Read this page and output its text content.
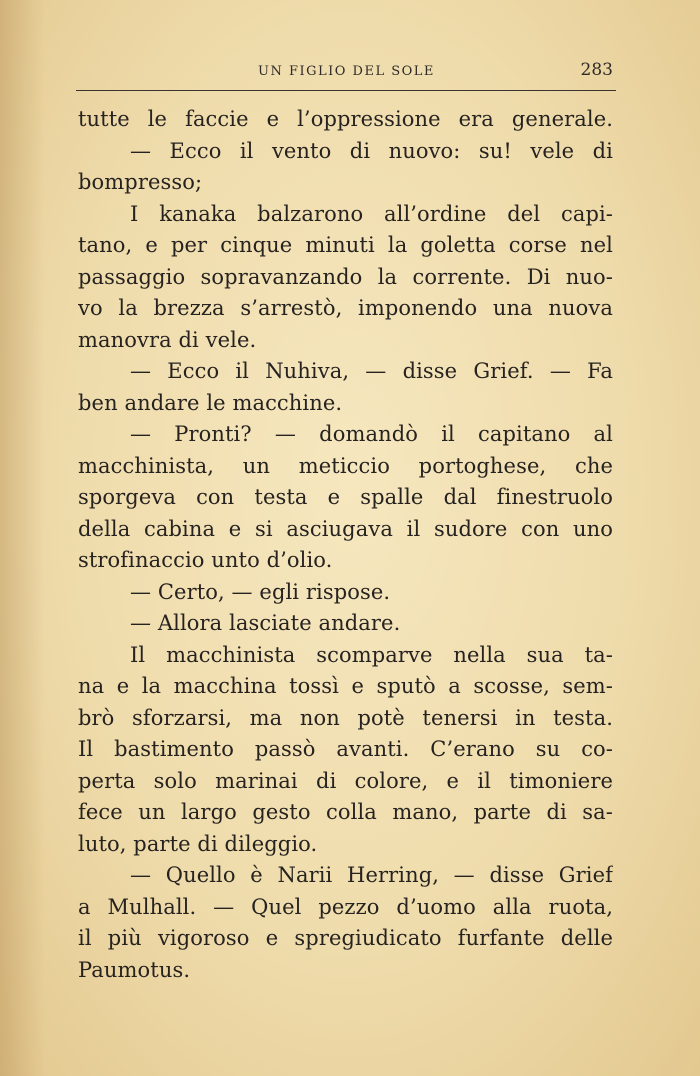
UN FIGLIO DEL SOLE	283
tutte le faccie e l’oppressione era generale.
— Ecco il vento di nuovo: su! vele di
bompresso;
I kanaka balzarono all’ordine del capi-
tano, e per cinque minuti la goletta corse nel
passaggio sopravanzando la corrente. Di nuo-
vo la brezza s’arrestò, imponendo una nuova
manovra di vele.
— Ecco il Nuhiva, — disse Grief. — Fa
ben andare le macchine.
— Pronti? — domandò il capitano al
macchinista, un meticcio portoghese, che
sporgeva con testa e spalle dal finestruolo
della cabina e si asciugava il sudore con uno
strofinaccio unto d’olio.
— Certo, — egli rispose.
— Allora lasciate andare.
Il macchinista scomparve nella sua ta-
na e la macchina tossì e sputò a scosse, sem-
brò sforzarsi, ma non potè tenersi in testa.
Il bastimento passò avanti. C’erano su co-
perta solo marinai di colore, e il timoniere
fece un largo gesto colla mano, parte di sa-
luto, parte di dileggio.
— Quello è Narii Herring, — disse Grief
a Mulhall. — Quel pezzo d’uomo alla ruota,
il più vigoroso e spregiudicato furfante delle
Paumotus.
